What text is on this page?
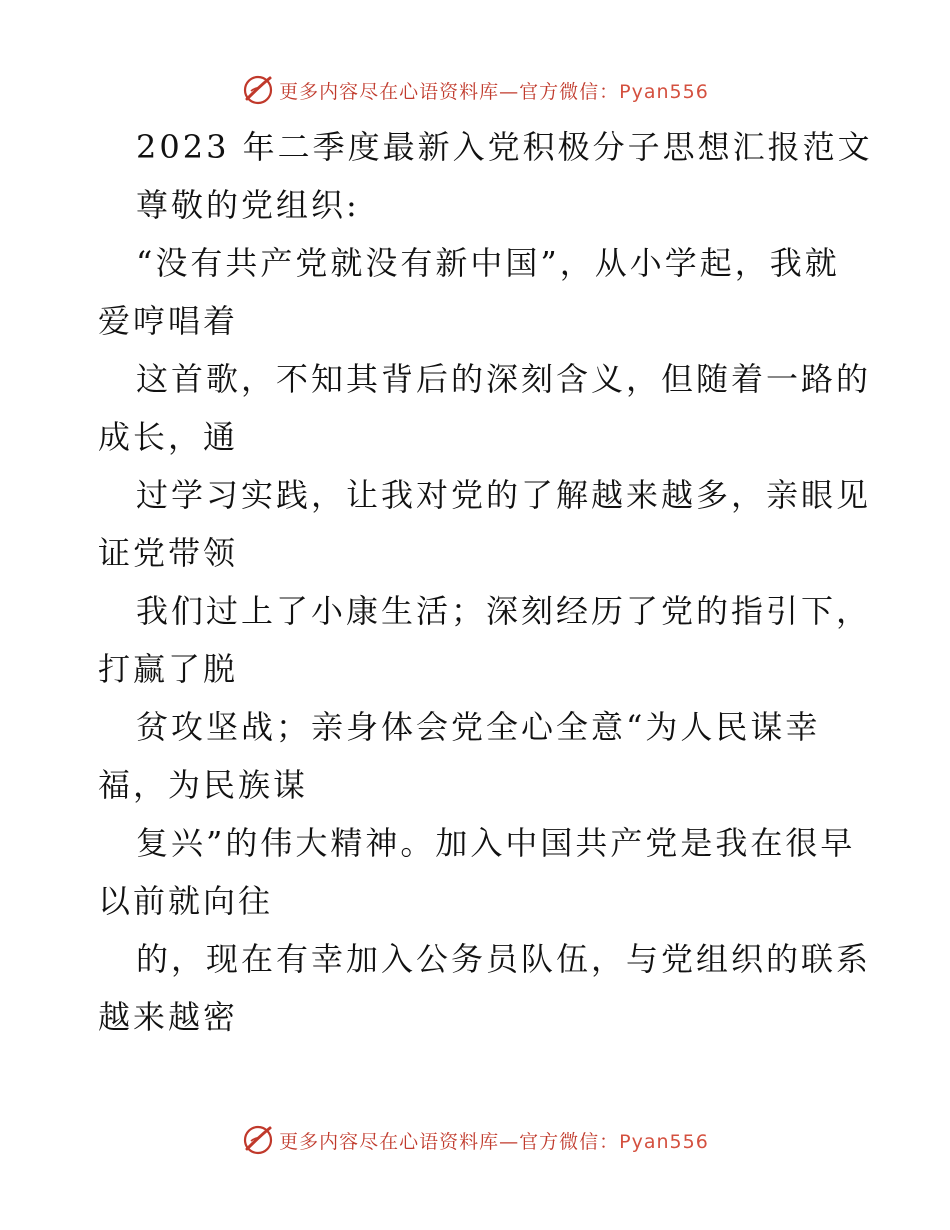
更多内容尽在心语资料库—官方微信：Pyan556
2023 年二季度最新入党积极分子思想汇报范文
尊敬的党组织:
“没有共产党就没有新中国”，从小学起，我就
爱哼唱着
这首歌，不知其背后的深刻含义，但随着一路的
成长，通
过学习实践，让我对党的了解越来越多，亲眼见
证党带领
我们过上了小康生活；深刻经历了党的指引下，
打赢了脱
贫攻坚战；亲身体会党全心全意“为人民谋幸
福，为民族谋
复兴”的伟大精神。加入中国共产党是我在很早
以前就向往
的，现在有幸加入公务员队伍，与党组织的联系
越来越密
更多内容尽在心语资料库—官方微信：Pyan556
